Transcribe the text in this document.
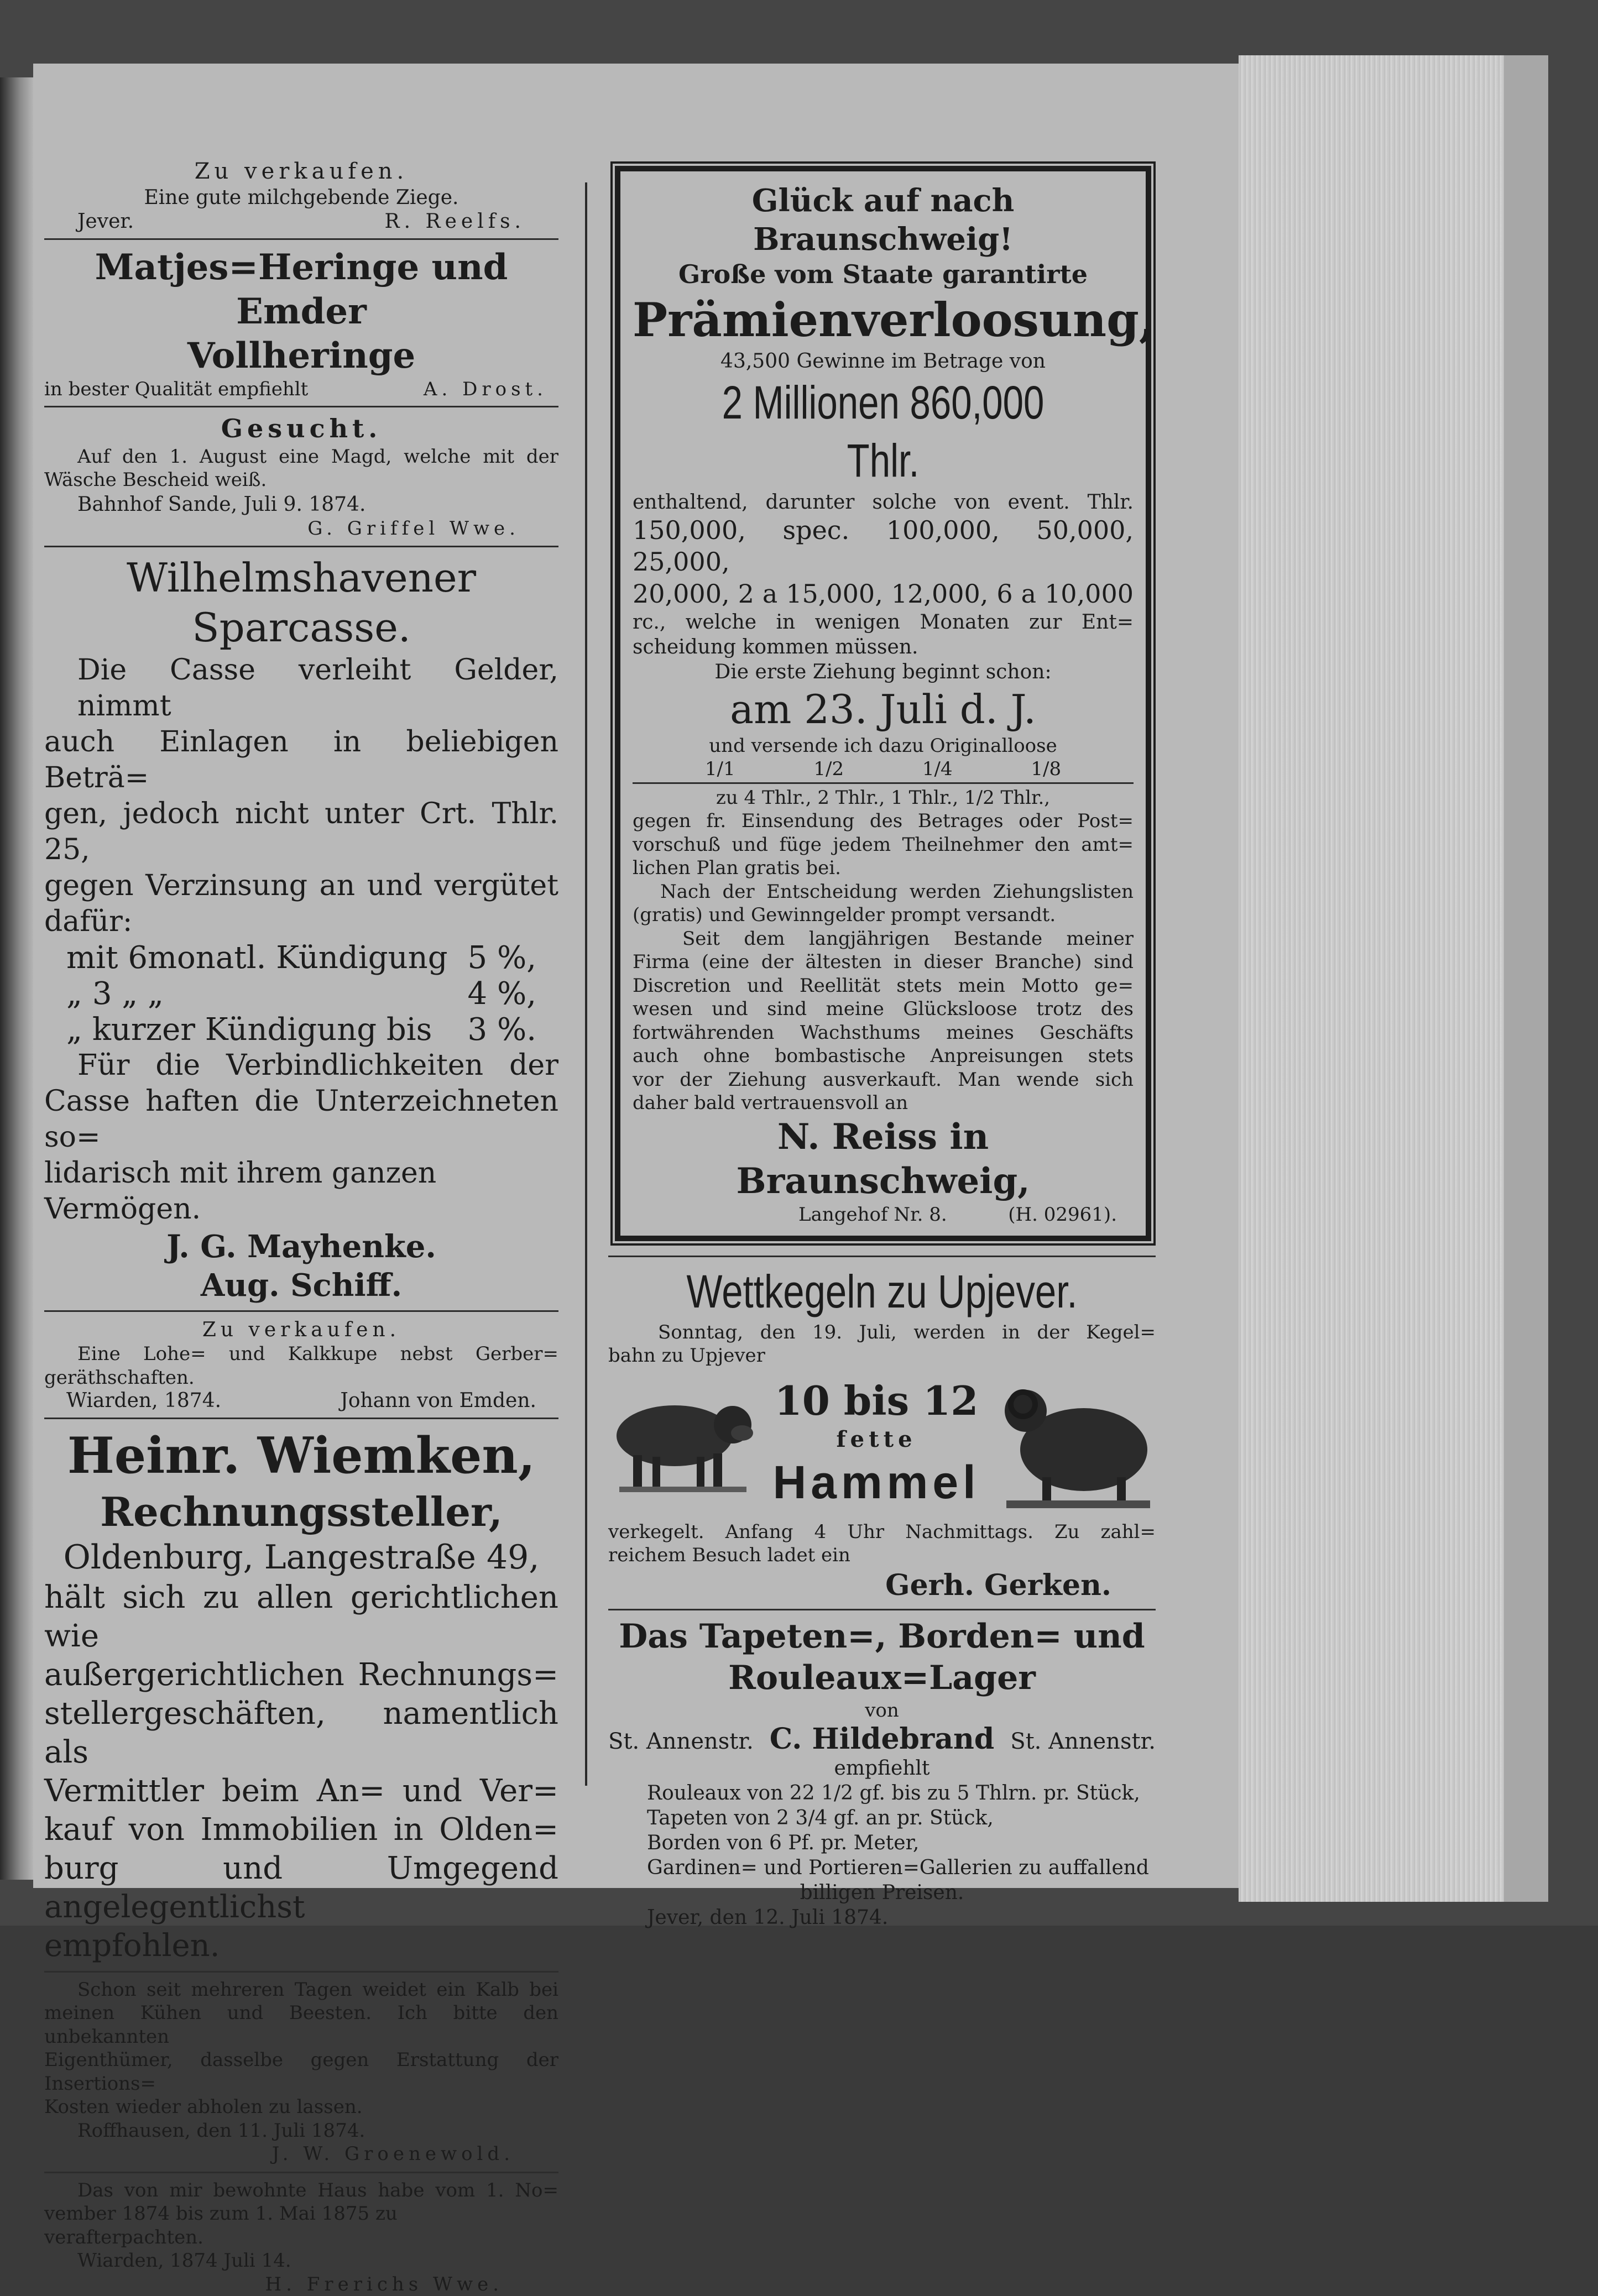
Zu verkaufen.

Eine gute milchgebende Ziege.

Jever.	R. Reelfs.

Matjes=Heringe und Emder

Vollheringe

in bester Qualität empfiehlt	A. Drost.

Gesucht.

Auf den 1. August eine Magd, welche mit der

Wäsche Bescheid weiß.

Bahnhof Sande, Juli 9. 1874.

G. Griffel Wwe.

Wilhelmshavener Sparcasse.

Die Casse verleiht Gelder, nimmt

auch Einlagen in beliebigen Beträ=

gen, jedoch nicht unter Crt. Thlr. 25,

gegen Verzinsung an und vergütet

dafür:

mit 6monatl. Kündigung 5 %,
„ 3 „ „	4 %,
„ kurzer Kündigung bis 3 %.

Für die Verbindlichkeiten der

Casse haften die Unterzeichneten so=

lidarisch mit ihrem ganzen Vermögen.

J. G. Mayhenke.

Aug. Schiff.

Zu verkaufen.

Eine Lohe= und Kalkkupe nebst Gerber=

geräthschaften.

Wiarden, 1874.	Johann von Emden.

Heinr. Wiemken,

Rechnungssteller,

Oldenburg, Langestraße 49,

hält sich zu allen gerichtlichen wie

außergerichtlichen Rechnungs=

stellergeschäften, namentlich als

Vermittler beim An= und Ver=

kauf von Immobilien in Olden=

burg und Umgegend angelegentlichst

empfohlen.

Schon seit mehreren Tagen weidet ein Kalb bei

meinen Kühen und Beesten. Ich bitte den unbekannten

Eigenthümer, dasselbe gegen Erstattung der Insertions=

Kosten wieder abholen zu lassen.

Roffhausen, den 11. Juli 1874.

J. W. Groenewold.

Das von mir bewohnte Haus habe vom 1. No=

vember 1874 bis zum 1. Mai 1875 zu verafterpachten.

Wiarden, 1874 Juli 14.

H. Frerichs Wwe.

Glück auf nach Braunschweig!

Große vom Staate garantirte

Prämienverloosung,

43,500 Gewinne im Betrage von

2 Millionen 860,000 Thlr.

enthaltend, darunter solche von event. Thlr.

150,000, spec. 100,000, 50,000, 25,000,

20,000, 2 a 15,000, 12,000, 6 a 10,000

rc., welche in wenigen Monaten zur Ent=

scheidung kommen müssen.

Die erste Ziehung beginnt schon:

am 23. Juli d. J.

und versende ich dazu Originalloose

1/1	1/2	1/4	1/8

zu 4 Thlr., 2 Thlr., 1 Thlr., 1/2 Thlr.,

gegen fr. Einsendung des Betrages oder Post=

vorschuß und füge jedem Theilnehmer den amt=

lichen Plan gratis bei.

Nach der Entscheidung werden Ziehungslisten

(gratis) und Gewinngelder prompt versandt.

Seit dem langjährigen Bestande meiner

Firma (eine der ältesten in dieser Branche) sind

Discretion und Reellität stets mein Motto ge=

wesen und sind meine Glücksloose trotz des

fortwährenden Wachsthums meines Geschäfts

auch ohne bombastische Anpreisungen stets

vor der Ziehung ausverkauft. Man wende sich

daher bald vertrauensvoll an

N. Reiss in Braunschweig,

Langehof Nr. 8.	(H. 02961).

Wettkegeln zu Upjever.

Sonntag, den 19. Juli, werden in der Kegel=

bahn zu Upjever

10 bis 12

fette

Hammel

verkegelt. Anfang 4 Uhr Nachmittags. Zu zahl=

reichem Besuch ladet ein

Gerh. Gerken.

Das Tapeten=, Borden= und

Rouleaux=Lager

von

St. Annenstr. C. Hildebrand St. Annenstr.

empfiehlt

Rouleaux von 22 1/2 gf. bis zu 5 Thlrn. pr. Stück,

Tapeten von 2 3/4 gf. an pr. Stück,

Borden von 6 Pf. pr. Meter,

Gardinen= und Portieren=Gallerien zu auffallend

billigen Preisen.

Jever, den 12. Juli 1874.
